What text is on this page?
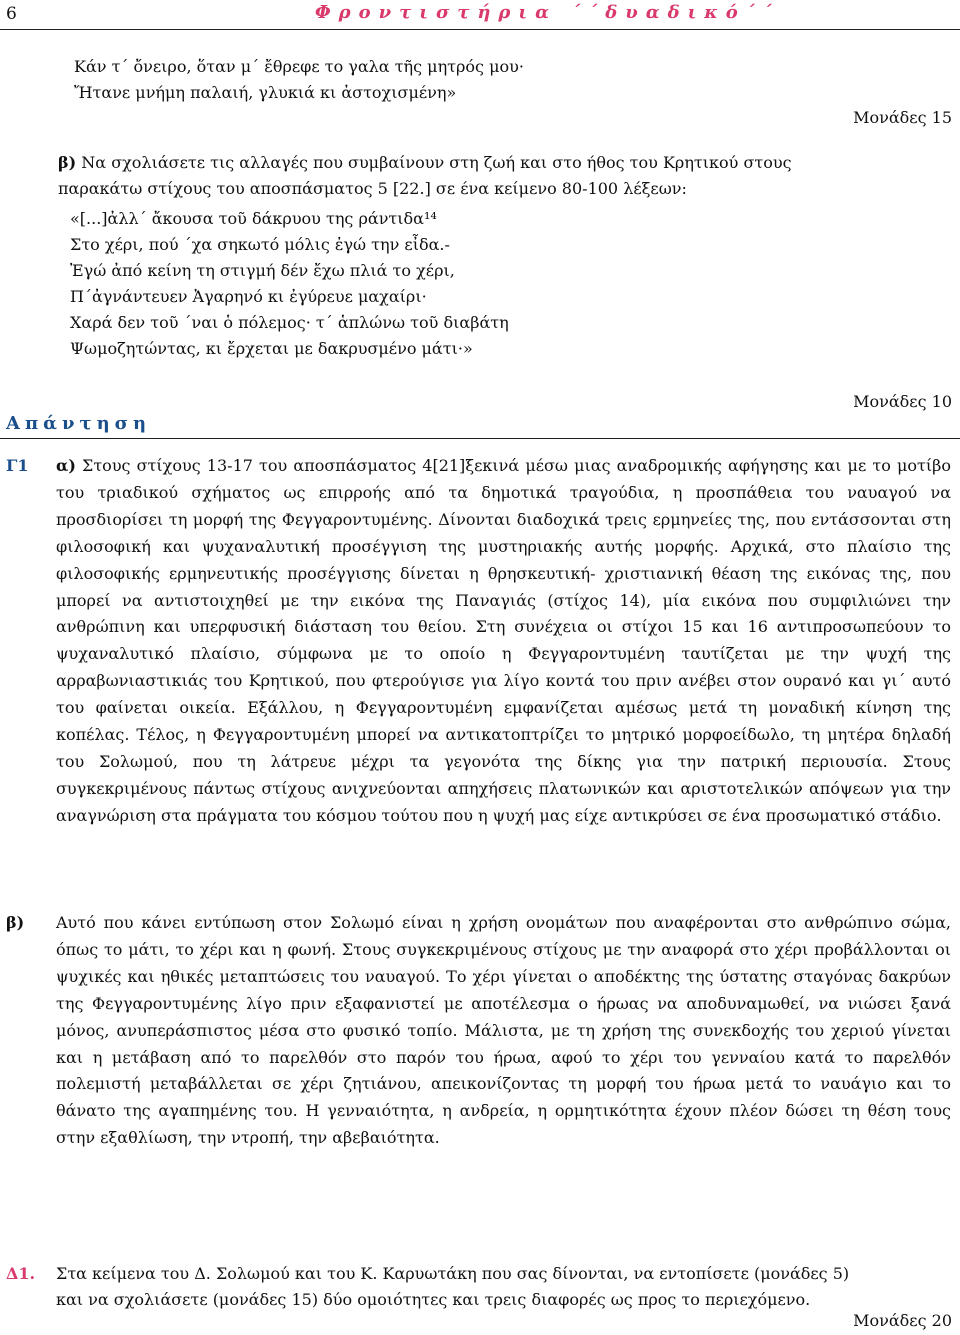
6	Φροντιστήρια ΄΄δυαδικό΄΄
Κάν τ΄ ὄνειρο, ὅταν μ΄ ἔθρεφε το γαλα τῆς μητρός μου·
Ἤτανε μνήμη παλαιή, γλυκιά κι ἀστοχισμένη»
Μονάδες 15
β) Να σχολιάσετε τις αλλαγές που συμβαίνουν στη ζωή και στο ήθος του Κρητικού στους
παρακάτω στίχους του αποσπάσματος 5 [22.] σε ένα κείμενο 80-100 λέξεων:
«[...]ἀλλ΄ ἄκουσα τοῦ δάκρυου της ράντιδα¹⁴
Στο χέρι, πού ΄χα σηκωτό μόλις ἐγώ την εἶδα.-
Ἐγώ ἀπό κείνη τη στιγμή δέν ἔχω πλιά το χέρι,
Π΄ἀγνάντευεν Ἀγαρηνό κι ἐγύρευε μαχαίρι·
Χαρά δεν τοῦ ΄ναι ὁ πόλεμος· τ΄ ἁπλώνω τοῦ διαβάτη
Ψωμοζητώντας, κι ἔρχεται με δακρυσμένο μάτι·»
Μονάδες 10
Απάντηση
Γ1 α) Στους στίχους 13-17 του αποσπάσματος 4[21]ξεκινά μέσω μιας αναδρομικής αφήγησης και με το μοτίβο του τριαδικού σχήματος ως επιρροής από τα δημοτικά τραγούδια, η προσπάθεια του ναυαγού να προσδιορίσει τη μορφή της Φεγγαροντυμένης. Δίνονται διαδοχικά τρεις ερμηνείες της, που εντάσσονται στη φιλοσοφική και ψυχαναλυτική προσέγγιση της μυστηριακής αυτής μορφής. Αρχικά, στο πλαίσιο της φιλοσοφικής ερμηνευτικής προσέγγισης δίνεται η θρησκευτική- χριστιανική θέαση της εικόνας της, που μπορεί να αντιστοιχηθεί με την εικόνα της Παναγιάς (στίχος 14), μία εικόνα που συμφιλιώνει την ανθρώπινη και υπερφυσική διάσταση του θείου. Στη συνέχεια οι στίχοι 15 και 16 αντιπροσωπεύουν το ψυχαναλυτικό πλαίσιο, σύμφωνα με το οποίο η Φεγγαροντυμένη ταυτίζεται με την ψυχή της αρραβωνιαστικιάς του Κρητικού, που φτερούγισε για λίγο κοντά του πριν ανέβει στον ουρανό και γι΄ αυτό του φαίνεται οικεία. Εξάλλου, η Φεγγαροντυμένη εμφανίζεται αμέσως μετά τη μοναδική κίνηση της κοπέλας. Τέλος, η Φεγγαροντυμένη μπορεί να αντικατοπτρίζει το μητρικό μορφοείδωλο, τη μητέρα δηλαδή του Σολωμού, που τη λάτρευε μέχρι τα γεγονότα της δίκης για την πατρική περιουσία. Στους συγκεκριμένους πάντως στίχους ανιχνεύονται απηχήσεις πλατωνικών και αριστοτελικών απόψεων για την αναγνώριση στα πράγματα του κόσμου τούτου που η ψυχή μας είχε αντικρύσει σε ένα προσωματικό στάδιο.

β) Αυτό που κάνει εντύπωση στον Σολωμό είναι η χρήση ονομάτων που αναφέρονται στο ανθρώπινο σώμα, όπως το μάτι, το χέρι και η φωνή. Στους συγκεκριμένους στίχους με την αναφορά στο χέρι προβάλλονται οι ψυχικές και ηθικές μεταπτώσεις του ναυαγού. Το χέρι γίνεται ο αποδέκτης της ύστατης σταγόνας δακρύων της Φεγγαροντυμένης λίγο πριν εξαφανιστεί με αποτέλεσμα ο ήρωας να αποδυναμωθεί, να νιώσει ξανά μόνος, ανυπεράσπιστος μέσα στο φυσικό τοπίο. Μάλιστα, με τη χρήση της συνεκδοχής του χεριού γίνεται και η μετάβαση από το παρελθόν στο παρόν του ήρωα, αφού το χέρι του γενναίου κατά το παρελθόν πολεμιστή μεταβάλλεται σε χέρι ζητιάνου, απεικονίζοντας τη μορφή του ήρωα μετά το ναυάγιο και το θάνατο της αγαπημένης του. Η γενναιότητα, η ανδρεία, η ορμητικότητα έχουν πλέον δώσει τη θέση τους στην εξαθλίωση, την ντροπή, την αβεβαιότητα.

Δ1. Στα κείμενα του Δ. Σολωμού και του Κ. Καρυωτάκη που σας δίνονται, να εντοπίσετε (μονάδες 5)
και να σχολιάσετε (μονάδες 15) δύο ομοιότητες και τρεις διαφορές ως προς το περιεχόμενο.
Μονάδες 20
